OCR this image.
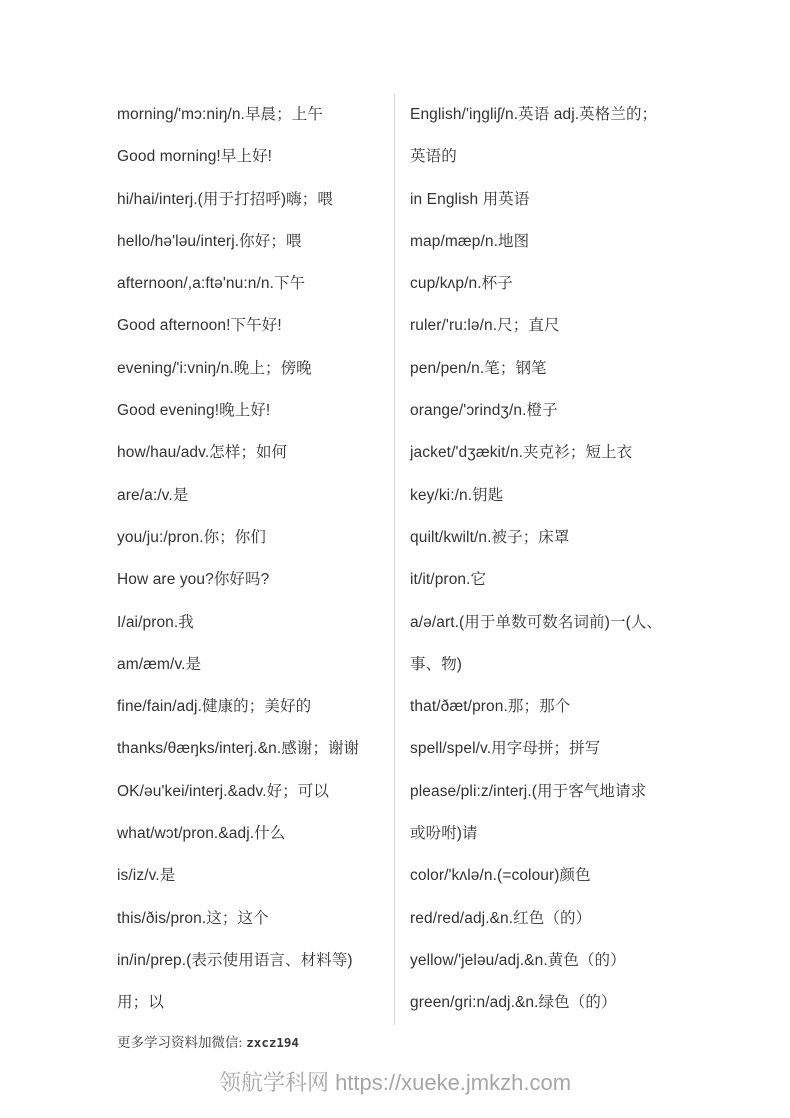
morning/'mɔ:niŋ/n.早晨；上午
Good morning!早上好!
hi/hai/interj.(用于打招呼)嗨；喂
hello/hə'ləu/interj.你好；喂
afternoon/,a:ftə'nu:n/n.下午
Good afternoon!下午好!
evening/'i:vniŋ/n.晚上；傍晚
Good evening!晚上好!
how/hau/adv.怎样；如何
are/a:/v.是
you/ju:/pron.你；你们
How are you?你好吗?
I/ai/pron.我
am/æm/v.是
fine/fain/adj.健康的；美好的
thanks/θæŋks/interj.&n.感谢；谢谢
OK/əu'kei/interj.&adv.好；可以
what/wɔt/pron.&adj.什么
is/iz/v.是
this/ðis/pron.这；这个
in/in/prep.(表示使用语言、材料等)
用；以
English/'iŋgliʃ/n.英语 adj.英格兰的；
英语的
in English 用英语
map/mæp/n.地图
cup/kʌp/n.杯子
ruler/'ru:lə/n.尺；直尺
pen/pen/n.笔；钢笔
orange/'ɔrindʒ/n.橙子
jacket/'dʒækit/n.夹克衫；短上衣
key/ki:/n.钥匙
quilt/kwilt/n.被子；床罩
it/it/pron.它
a/ə/art.(用于单数可数名词前)一(人、
事、物)
that/ðæt/pron.那；那个
spell/spel/v.用字母拼；拼写
please/pli:z/interj.(用于客气地请求
或吩咐)请
color/'kʌlə/n.(=colour)颜色
red/red/adj.&n.红色（的）
yellow/'jeləu/adj.&n.黄色（的）
green/gri:n/adj.&n.绿色（的）
更多学习资料加微信: zxcz194
领航学科网 https://xueke.jmkzh.com
